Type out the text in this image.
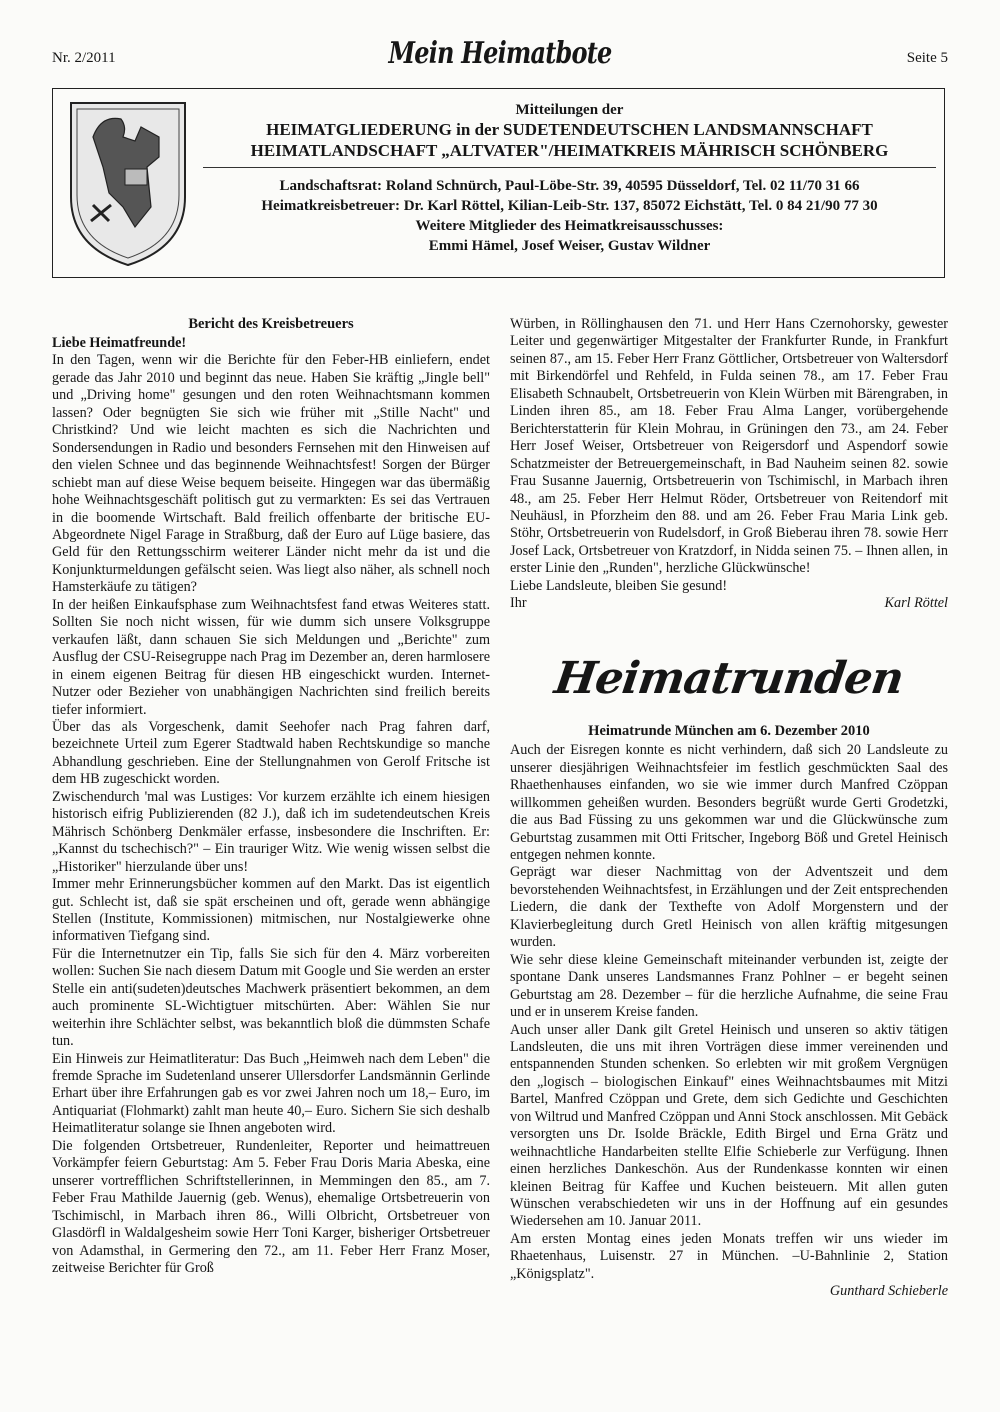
Nr. 2/2011	Mein Heimatbote	Seite 5
Mitteilungen der
HEIMATGLIEDERUNG in der SUDETENDEUTSCHEN LANDSMANNSCHAFT
HEIMATLANDSCHAFT „ALTVATER"/HEIMATKREIS MÄHRISCH SCHÖNBERG
Landschaftsrat: Roland Schnürch, Paul-Löbe-Str. 39, 40595 Düsseldorf, Tel. 02 11/70 31 66
Heimatkreisbetreuer: Dr. Karl Röttel, Kilian-Leib-Str. 137, 85072 Eichstätt, Tel. 0 84 21/90 77 30
Weitere Mitglieder des Heimatkreisausschusses:
Emmi Hämel, Josef Weiser, Gustav Wildner
Bericht des Kreisbetreuers

Liebe Heimatfreunde!

In den Tagen, wenn wir die Berichte für den Feber-HB einliefern, endet gerade das Jahr 2010 und beginnt das neue. Haben Sie kräftig „Jingle bell" und „Driving home" gesungen und den roten Weihnachtsmann kommen lassen? Oder begnügten Sie sich wie früher mit „Stille Nacht" und Christkind? Und wie leicht machten es sich die Nachrichten und Sondersendungen in Radio und besonders Fernsehen mit den Hinweisen auf den vielen Schnee und das beginnende Weihnachtsfest! Sorgen der Bürger schiebt man auf diese Weise bequem beiseite. Hingegen war das übermäßig hohe Weihnachtsgeschäft politisch gut zu vermarkten: Es sei das Vertrauen in die boomende Wirtschaft. Bald freilich offenbarte der britische EU-Abgeordnete Nigel Farage in Straßburg, daß der Euro auf Lüge basiere, das Geld für den Rettungsschirm weiterer Länder nicht mehr da ist und die Konjunkturmeldungen gefälscht seien. Was liegt also näher, als schnell noch Hamsterkäufe zu tätigen?

In der heißen Einkaufsphase zum Weihnachtsfest fand etwas Weiteres statt. Sollten Sie noch nicht wissen, für wie dumm sich unsere Volksgruppe verkaufen läßt, dann schauen Sie sich Meldungen und „Berichte" zum Ausflug der CSU-Reisegruppe nach Prag im Dezember an, deren harmlosere in einem eigenen Beitrag für diesen HB eingeschickt wurden. Internet-Nutzer oder Bezieher von unabhängigen Nachrichten sind freilich bereits tiefer informiert.

Über das als Vorgeschenk, damit Seehofer nach Prag fahren darf, bezeichnete Urteil zum Egerer Stadtwald haben Rechtskundige so manche Abhandlung geschrieben. Eine der Stellungnahmen von Gerolf Fritsche ist dem HB zugeschickt worden.

Zwischendurch 'mal was Lustiges: Vor kurzem erzählte ich einem hiesigen historisch eifrig Publizierenden (82 J.), daß ich im sudetendeutschen Kreis Mährisch Schönberg Denkmäler erfasse, insbesondere die Inschriften. Er: „Kannst du tschechisch?" – Ein trauriger Witz. Wie wenig wissen selbst die „Historiker" hierzulande über uns!

Immer mehr Erinnerungsbücher kommen auf den Markt. Das ist eigentlich gut. Schlecht ist, daß sie spät erscheinen und oft, gerade wenn abhängige Stellen (Institute, Kommissionen) mitmischen, nur Nostalgiewerke ohne informativen Tiefgang sind.

Für die Internetnutzer ein Tip, falls Sie sich für den 4. März vorbereiten wollen: Suchen Sie nach diesem Datum mit Google und Sie werden an erster Stelle ein anti(sudeten)deutsches Machwerk präsentiert bekommen, an dem auch prominente SL-Wichtigtuer mitschürten. Aber: Wählen Sie nur weiterhin ihre Schlächter selbst, was bekanntlich bloß die dümmsten Schafe tun.

Ein Hinweis zur Heimatliteratur: Das Buch „Heimweh nach dem Leben" die fremde Sprache im Sudetenland unserer Ullersdorfer Landsmännin Gerlinde Erhart über ihre Erfahrungen gab es vor zwei Jahren noch um 18,– Euro, im Antiquariat (Flohmarkt) zahlt man heute 40,– Euro. Sichern Sie sich deshalb Heimatliteratur solange sie Ihnen angeboten wird.

Die folgenden Ortsbetreuer, Rundenleiter, Reporter und heimattreuen Vorkämpfer feiern Geburtstag: Am 5. Feber Frau Doris Maria Abeska, eine unserer vortrefflichen Schriftstellerinnen, in Memmingen den 85., am 7. Feber Frau Mathilde Jauernig (geb. Wenus), ehemalige Ortsbetreuerin von Tschimischl, in Marbach ihren 86., Willi Olbricht, Ortsbetreuer von Glasdörfl in Waldalgesheim sowie Herr Toni Karger, bisheriger Ortsbetreuer von Adamsthal, in Germering den 72., am 11. Feber Herr Franz Moser, zeitweise Berichter für Groß

Würben, in Röllinghausen den 71. und Herr Hans Czernohorsky, gewester Leiter und gegenwärtiger Mitgestalter der Frankfurter Runde, in Frankfurt seinen 87., am 15. Feber Herr Franz Göttlicher, Ortsbetreuer von Waltersdorf mit Birkendörfel und Rehfeld, in Fulda seinen 78., am 17. Feber Frau Elisabeth Schnaubelt, Ortsbetreuerin von Klein Würben mit Bärengraben, in Linden ihren 85., am 18. Feber Frau Alma Langer, vorübergehende Berichterstatterin für Klein Mohrau, in Grüningen den 73., am 24. Feber Herr Josef Weiser, Ortsbetreuer von Reigersdorf und Aspendorf sowie Schatzmeister der Betreuergemeinschaft, in Bad Nauheim seinen 82. sowie Frau Susanne Jauernig, Ortsbetreuerin von Tschimischl, in Marbach ihren 48., am 25. Feber Herr Helmut Röder, Ortsbetreuer von Reitendorf mit Neuhäusl, in Pforzheim den 88. und am 26. Feber Frau Maria Link geb. Stöhr, Ortsbetreuerin von Rudelsdorf, in Groß Bieberau ihren 78. sowie Herr Josef Lack, Ortsbetreuer von Kratzdorf, in Nidda seinen 75. – Ihnen allen, in erster Linie den „Runden", herzliche Glückwünsche!

Liebe Landsleute, bleiben Sie gesund!

Ihr	Karl Röttel
Heimatrunden
Heimatrunde München am 6. Dezember 2010

Auch der Eisregen konnte es nicht verhindern, daß sich 20 Landsleute zu unserer diesjährigen Weihnachtsfeier im festlich geschmückten Saal des Rhaethenhauses einfanden, wo sie wie immer durch Manfred Czöppan willkommen geheißen wurden. Besonders begrüßt wurde Gerti Grodetzki, die aus Bad Füssing zu uns gekommen war und die Glückwünsche zum Geburtstag zusammen mit Otti Fritscher, Ingeborg Böß und Gretel Heinisch entgegen nehmen konnte.

Geprägt war dieser Nachmittag von der Adventszeit und dem bevorstehenden Weihnachtsfest, in Erzählungen und der Zeit entsprechenden Liedern, die dank der Texthefte von Adolf Morgenstern und der Klavierbegleitung durch Gretl Heinisch von allen kräftig mitgesungen wurden.

Wie sehr diese kleine Gemeinschaft miteinander verbunden ist, zeigte der spontane Dank unseres Landsmannes Franz Pohlner – er begeht seinen Geburtstag am 28. Dezember – für die herzliche Aufnahme, die seine Frau und er in unserem Kreise fanden.

Auch unser aller Dank gilt Gretel Heinisch und unseren so aktiv tätigen Landsleuten, die uns mit ihren Vorträgen diese immer vereinenden und entspannenden Stunden schenken. So erlebten wir mit großem Vergnügen den „logisch – biologischen Einkauf" eines Weihnachtsbaumes mit Mitzi Bartel, Manfred Czöppan und Grete, dem sich Gedichte und Geschichten von Wiltrud und Manfred Czöppan und Anni Stock anschlossen. Mit Gebäck versorgten uns Dr. Isolde Bräckle, Edith Birgel und Erna Grätz und weihnachtliche Handarbeiten stellte Elfie Schieberle zur Verfügung. Ihnen einen herzliches Dankeschön. Aus der Rundenkasse konnten wir einen kleinen Beitrag für Kaffee und Kuchen beisteuern. Mit allen guten Wünschen verabschiedeten wir uns in der Hoffnung auf ein gesundes Wiedersehen am 10. Januar 2011.

Am ersten Montag eines jeden Monats treffen wir uns wieder im Rhaetenhaus, Luisenstr. 27 in München. –U-Bahnlinie 2, Station „Königsplatz".

Gunthard Schieberle
